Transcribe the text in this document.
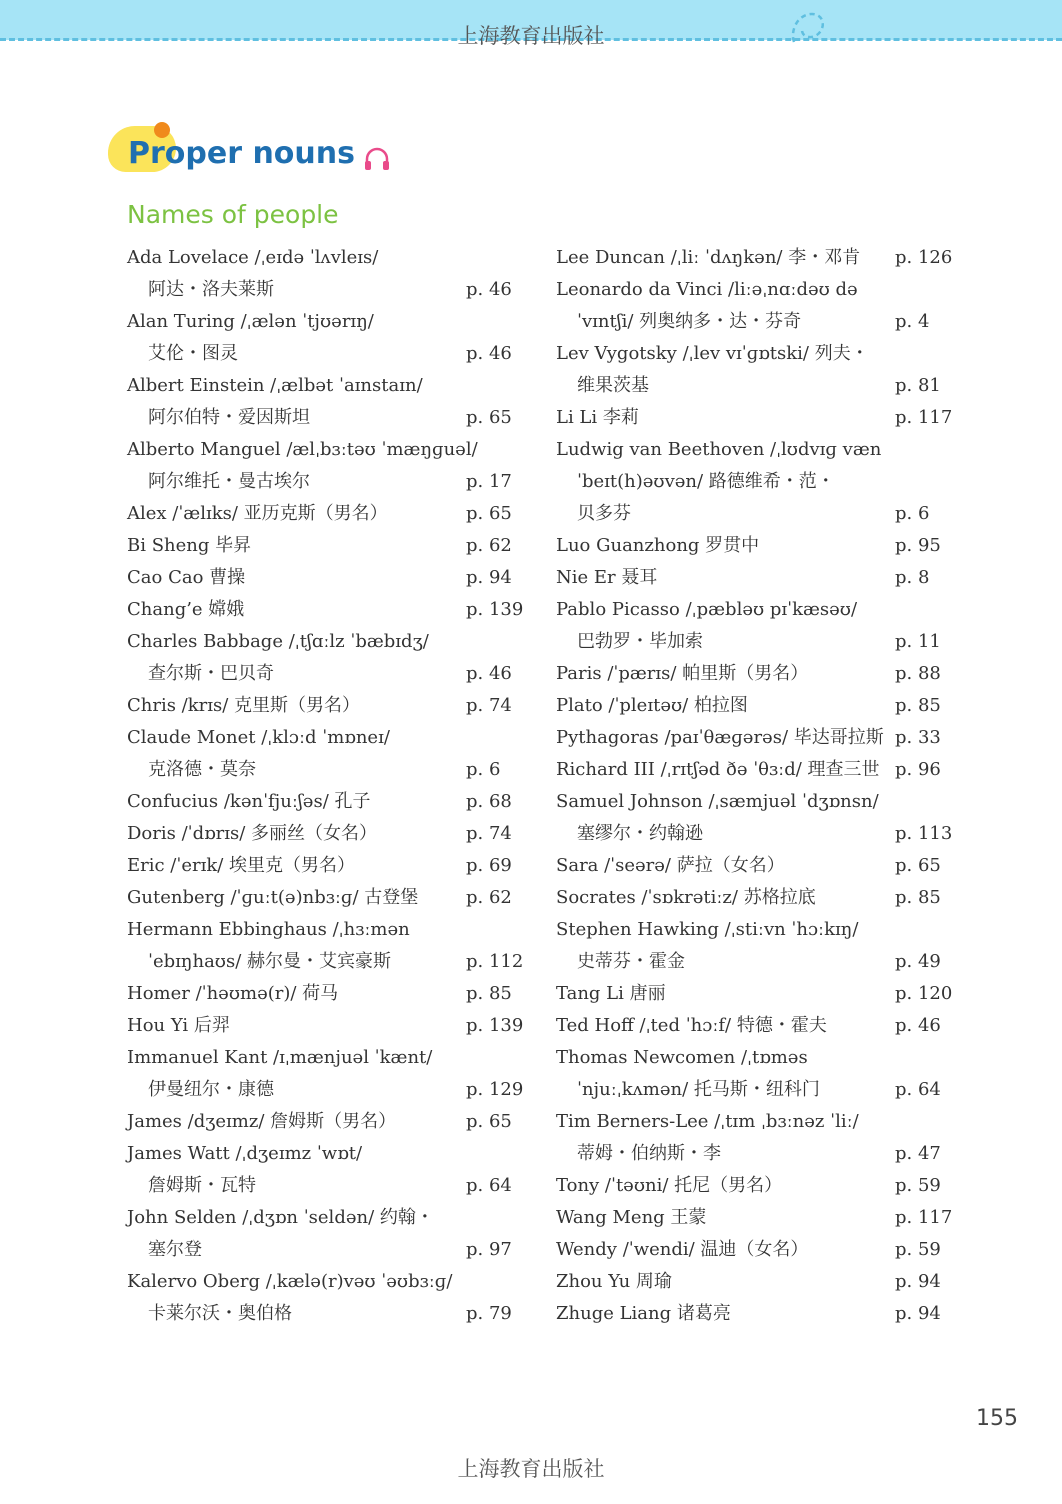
上海教育出版社
Proper nouns
Names of people
Ada Lovelace /ˌeɪdə ˈlʌvleɪs/
阿达・洛夫莱斯	p. 46
Alan Turing /ˌælən ˈtjʊərɪŋ/
艾伦・图灵	p. 46
Albert Einstein /ˌælbət ˈaɪnstaɪn/
阿尔伯特・爱因斯坦	p. 65
Alberto Manguel /ælˌbɜːtəʊ ˈmæŋɡuəl/
阿尔维托・曼古埃尔	p. 17
Alex /ˈælɪks/ 亚历克斯（男名）	p. 65
Bi Sheng 毕昇	p. 62
Cao Cao 曹操	p. 94
Chang’e 嫦娥	p. 139
Charles Babbage /ˌtʃɑːlz ˈbæbɪdʒ/
查尔斯・巴贝奇	p. 46
Chris /krɪs/ 克里斯（男名）	p. 74
Claude Monet /ˌklɔːd ˈmɒneɪ/
克洛德・莫奈	p. 6
Confucius /kənˈfjuːʃəs/ 孔子	p. 68
Doris /ˈdɒrɪs/ 多丽丝（女名）	p. 74
Eric /ˈerɪk/ 埃里克（男名）	p. 69
Gutenberg /ˈɡuːt(ə)nbɜːɡ/ 古登堡	p. 62
Hermann Ebbinghaus /ˌhɜːmən
ˈebɪŋhaʊs/ 赫尔曼・艾宾豪斯	p. 112
Homer /ˈhəʊmə(r)/ 荷马	p. 85
Hou Yi 后羿	p. 139
Immanuel Kant /ɪˌmænjuəl ˈkænt/
伊曼纽尔・康德	p. 129
James /dʒeɪmz/ 詹姆斯（男名）	p. 65
James Watt /ˌdʒeɪmz ˈwɒt/
詹姆斯・瓦特	p. 64
John Selden /ˌdʒɒn ˈseldən/ 约翰・
塞尔登	p. 97
Kalervo Oberg /ˌkælə(r)vəʊ ˈəʊbɜːɡ/
卡莱尔沃・奥伯格	p. 79
Lee Duncan /ˌliː ˈdʌŋkən/ 李・邓肯 p. 126
Leonardo da Vinci /liːəˌnɑːdəʊ də
ˈvɪntʃi/ 列奥纳多・达・芬奇	p. 4
Lev Vygotsky /ˌlev vɪˈɡɒtski/ 列夫・
维果茨基	p. 81
Li Li 李莉	p. 117
Ludwig van Beethoven /ˌlʊdvɪɡ væn
ˈbeɪt(h)əʊvən/ 路德维希・范・
贝多芬	p. 6
Luo Guanzhong 罗贯中	p. 95
Nie Er 聂耳	p. 8
Pablo Picasso /ˌpæbləʊ pɪˈkæsəʊ/
巴勃罗・毕加索	p. 11
Paris /ˈpærɪs/ 帕里斯（男名）	p. 88
Plato /ˈpleɪtəʊ/ 柏拉图	p. 85
Pythagoras /paɪˈθæɡərəs/ 毕达哥拉斯 p. 33
Richard III /ˌrɪtʃəd ðə ˈθɜːd/ 理查三世 p. 96
Samuel Johnson /ˌsæmjuəl ˈdʒɒnsn/
塞缪尔・约翰逊	p. 113
Sara /ˈseərə/ 萨拉（女名）	p. 65
Socrates /ˈsɒkrətiːz/ 苏格拉底	p. 85
Stephen Hawking /ˌstiːvn ˈhɔːkɪŋ/
史蒂芬・霍金	p. 49
Tang Li 唐丽	p. 120
Ted Hoff /ˌted ˈhɔːf/ 特德・霍夫	p. 46
Thomas Newcomen /ˌtɒməs
ˈnjuːˌkʌmən/ 托马斯・纽科门	p. 64
Tim Berners-Lee /ˌtɪm ˌbɜːnəz ˈliː/
蒂姆・伯纳斯・李	p. 47
Tony /ˈtəʊni/ 托尼（男名）	p. 59
Wang Meng 王蒙	p. 117
Wendy /ˈwendi/ 温迪（女名）	p. 59
Zhou Yu 周瑜	p. 94
Zhuge Liang 诸葛亮	p. 94
155
上海教育出版社
